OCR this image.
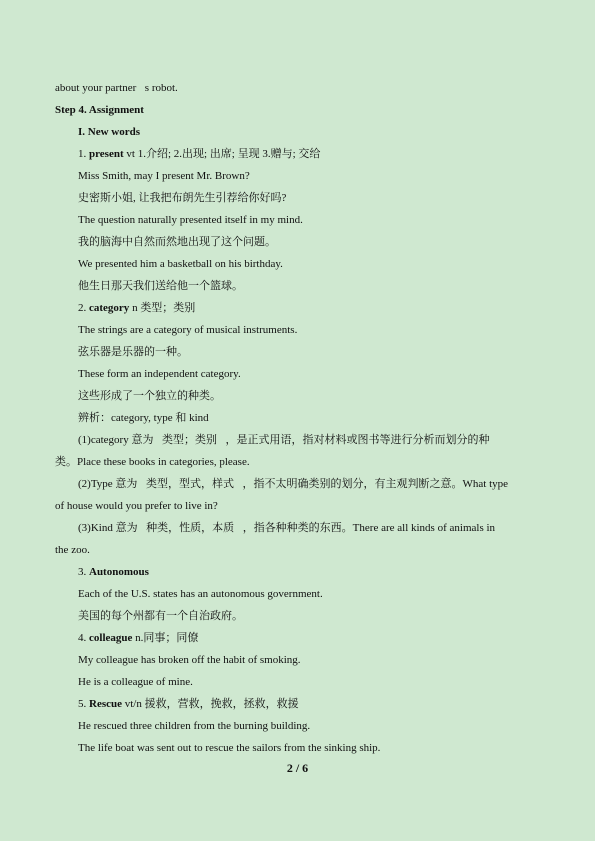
about your partner s robot.
Step 4. Assignment
I. New words
1. present vt 1.介绍; 2.出现; 出席; 呈现 3.赠与; 交给
Miss Smith, may I present Mr. Brown?
史密斯小姐, 让我把布朗先生引荐给你好吗?
The question naturally presented itself in my mind.
我的脑海中自然而然地出现了这个问题。
We presented him a basketball on his birthday.
他生日那天我们送给他一个篮球。
2. category n 类型；类别
The strings are a category of musical instruments.
弦乐器是乐器的一种。
These form an independent category.
这些形成了一个独立的种类。
辨析：category, type 和 kind
(1)category 意为 类型；类别 ，是正式用语，指对材料或图书等进行分析而划分的种
类。Place these books in categories, please.
(2)Type 意为 类型，型式，样式 ，指不太明确类别的划分，有主观判断之意。What type
of house would you prefer to live in?
(3)Kind 意为 种类，性质，本质 ，指各种种类的东西。There are all kinds of animals in
the zoo.
3. Autonomous
Each of the U.S. states has an autonomous government.
美国的每个州都有一个自治政府。
4. colleague n.同事；同僚
My colleague has broken off the habit of smoking.
He is a colleague of mine.
5. Rescue vt/n 援救，营救，挽救，拯救，救援
He rescued three children from the burning building.
The life boat was sent out to rescue the sailors from the sinking ship.
2 / 6
